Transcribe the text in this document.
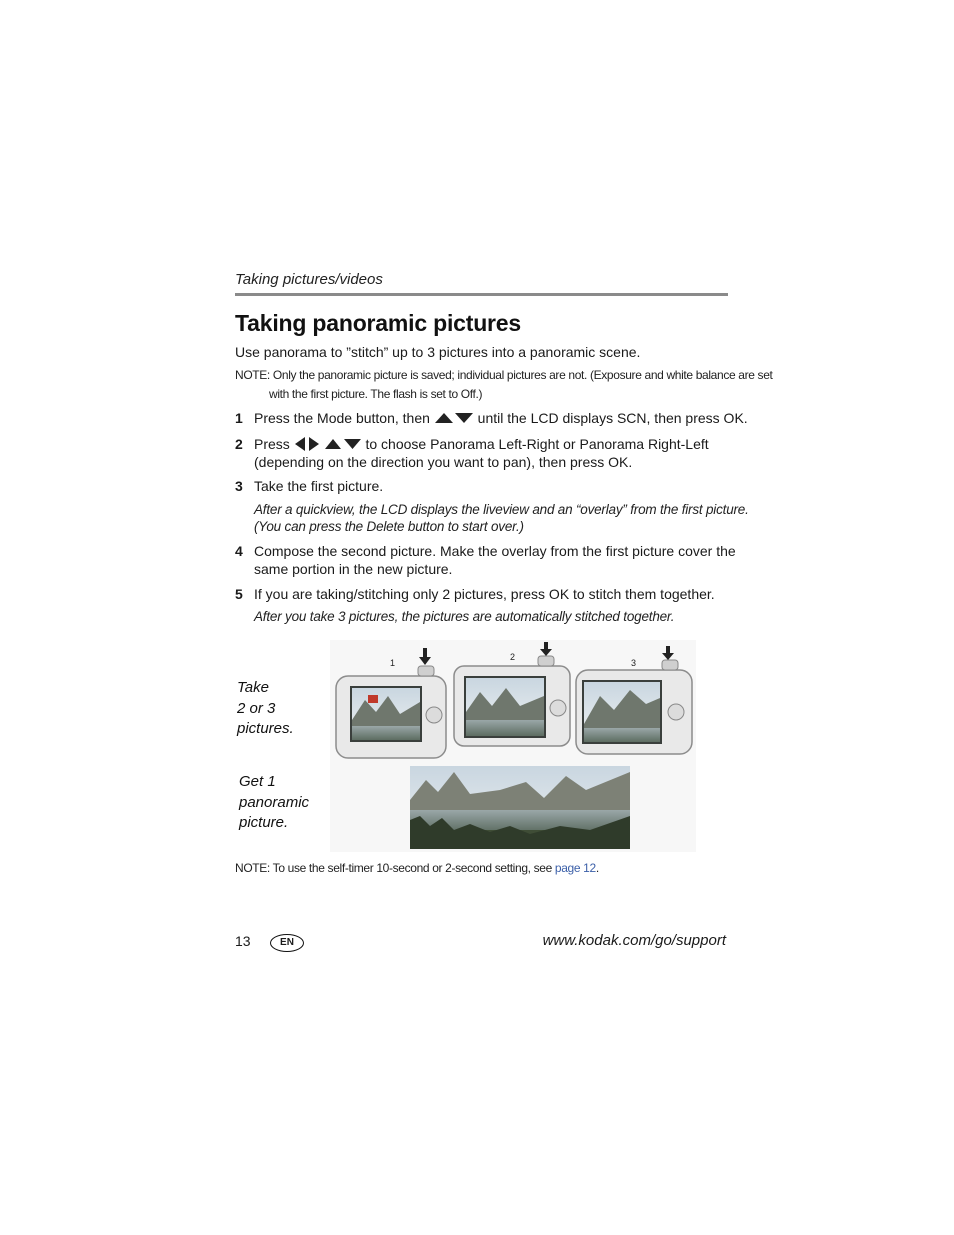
Taking pictures/videos
Taking panoramic pictures
Use panorama to ”stitch” up to 3 pictures into a panoramic scene.
NOTE: Only the panoramic picture is saved; individual pictures are not. (Exposure and white balance are set
with the first picture. The flash is set to Off.)
1 Press the Mode button, then	until the LCD displays SCN, then press OK.
2 Press	to choose Panorama Left-Right or Panorama Right-Left
(depending on the direction you want to pan), then press OK.
3 Take the first picture.
After a quickview, the LCD displays the liveview and an “overlay” from the first picture.
(You can press the Delete button to start over.)
4 Compose the second picture. Make the overlay from the first picture cover the
same portion in the new picture.
5 If you are taking/stitching only 2 pictures, press OK to stitch them together.
After you take 3 pictures, the pictures are automatically stitched together.
1
2
3
Take
2 or 3
pictures.
Get 1
panoramic
picture.
NOTE: To use the self-timer 10-second or 2-second setting, see page 12.
13	EN	www.kodak.com/go/support
